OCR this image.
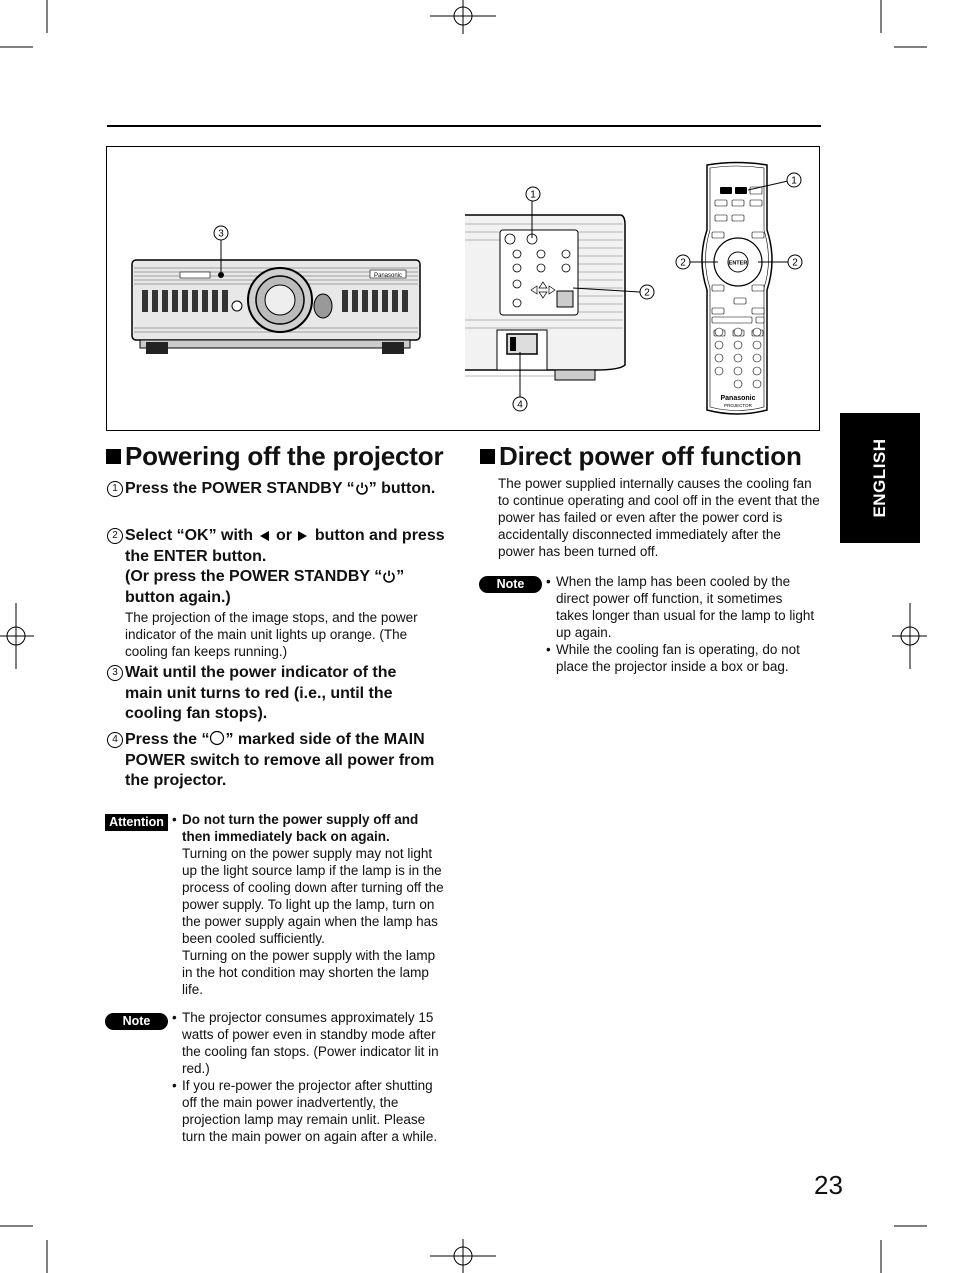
Panasonic
3
1
2
4
ENTER
Panasonic
PROJECTOR
1
2	2
ENGLISH
Powering off the projector
1 Press the POWER STANDBY “ ” button.
2 Select “OK” with or button and press the ENTER button.
(Or press the POWER STANDBY “ ” button again.)
The projection of the image stops, and the power indicator of the main unit lights up orange. (The cooling fan keeps running.)
3 Wait until the power indicator of the main unit turns to red (i.e., until the cooling fan stops).
4 Press the “ ” marked side of the MAIN POWER switch to remove all power from the projector.
Attention	• Do not turn the power supply off and then immediately back on again.
Turning on the power supply may not light up the light source lamp if the lamp is in the process of cooling down after turning off the power supply. To light up the lamp, turn on the power supply again when the lamp has been cooled sufficiently.
Turning on the power supply with the lamp in the hot condition may shorten the lamp life.
Note	• The projector consumes approximately 15 watts of power even in standby mode after the cooling fan stops. (Power indicator lit in red.)
• If you re-power the projector after shutting off the main power inadvertently, the projection lamp may remain unlit. Please turn the main power on again after a while.
Direct power off function
The power supplied internally causes the cooling fan to continue operating and cool off in the event that the power has failed or even after the power cord is accidentally disconnected immediately after the power has been turned off.
Note	• When the lamp has been cooled by the direct power off function, it sometimes takes longer than usual for the lamp to light up again.
• While the cooling fan is operating, do not place the projector inside a box or bag.
23
